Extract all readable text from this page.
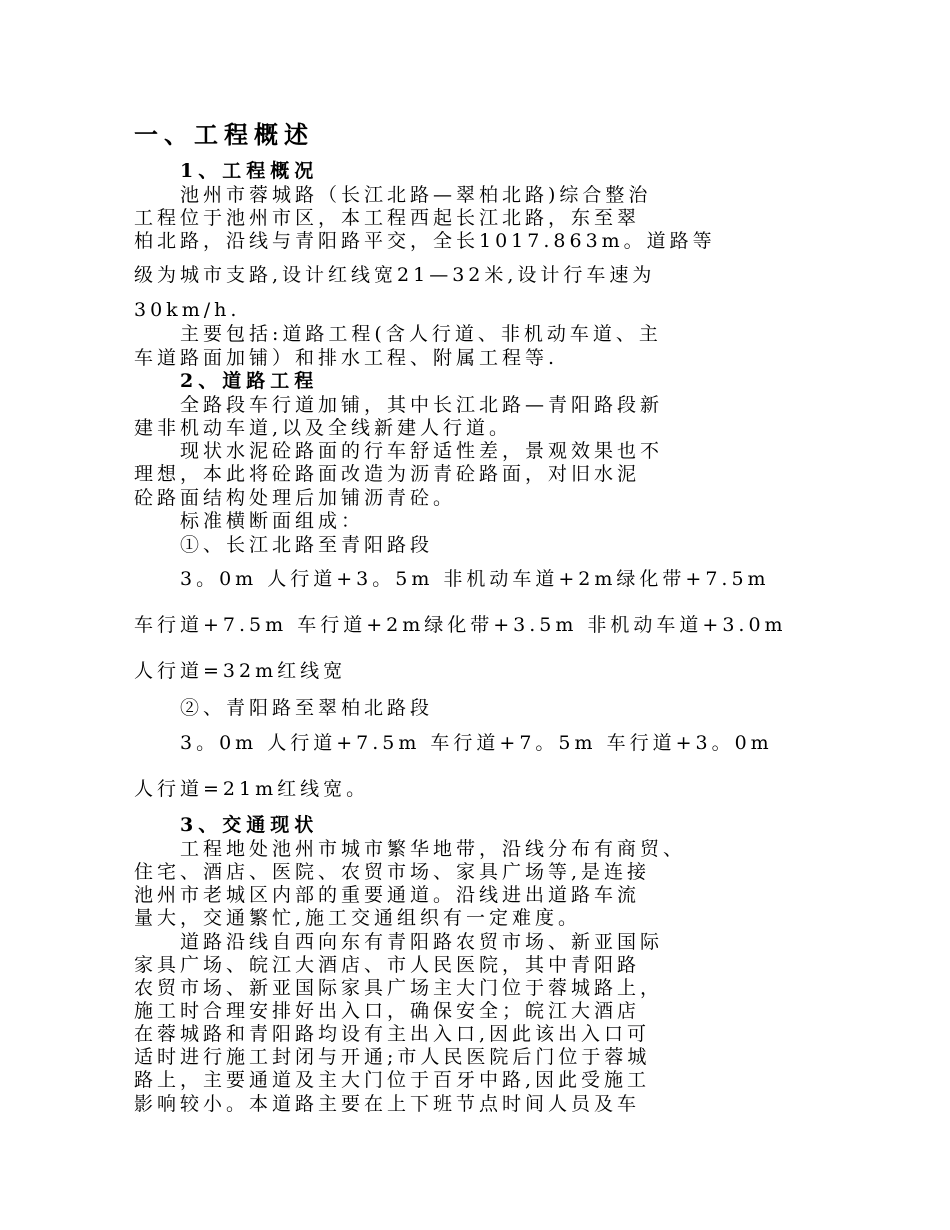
一、工程概述

1、工程概况

池州市蓉城路（长江北路—翠柏北路)综合整治

工程位于池州市区，本工程西起长江北路，东至翠

柏北路，沿线与青阳路平交，全长1017.863m。道路等

级为城市支路,设计红线宽21—32米,设计行车速为

30km/h.

主要包括:道路工程(含人行道、非机动车道、主

车道路面加铺）和排水工程、附属工程等.

2、道路工程

全路段车行道加铺，其中长江北路—青阳路段新

建非机动车道,以及全线新建人行道。

现状水泥砼路面的行车舒适性差，景观效果也不

理想，本此将砼路面改造为沥青砼路面，对旧水泥

砼路面结构处理后加铺沥青砼。

标准横断面组成：

①、长江北路至青阳路段

3。0m 人行道+3。5m 非机动车道+2m绿化带+7.5m

车行道+7.5m 车行道+2m绿化带+3.5m 非机动车道+3.0m

人行道=32m红线宽

②、青阳路至翠柏北路段

3。0m 人行道+7.5m 车行道+7。5m 车行道+3。0m

人行道=21m红线宽。

3、交通现状

工程地处池州市城市繁华地带，沿线分布有商贸、

住宅、酒店、医院、农贸市场、家具广场等,是连接

池州市老城区内部的重要通道。沿线进出道路车流

量大，交通繁忙,施工交通组织有一定难度。

道路沿线自西向东有青阳路农贸市场、新亚国际

家具广场、皖江大酒店、市人民医院，其中青阳路

农贸市场、新亚国际家具广场主大门位于蓉城路上，

施工时合理安排好出入口，确保安全；皖江大酒店

在蓉城路和青阳路均设有主出入口,因此该出入口可

适时进行施工封闭与开通;市人民医院后门位于蓉城

路上，主要通道及主大门位于百牙中路,因此受施工

影响较小。本道路主要在上下班节点时间人员及车
